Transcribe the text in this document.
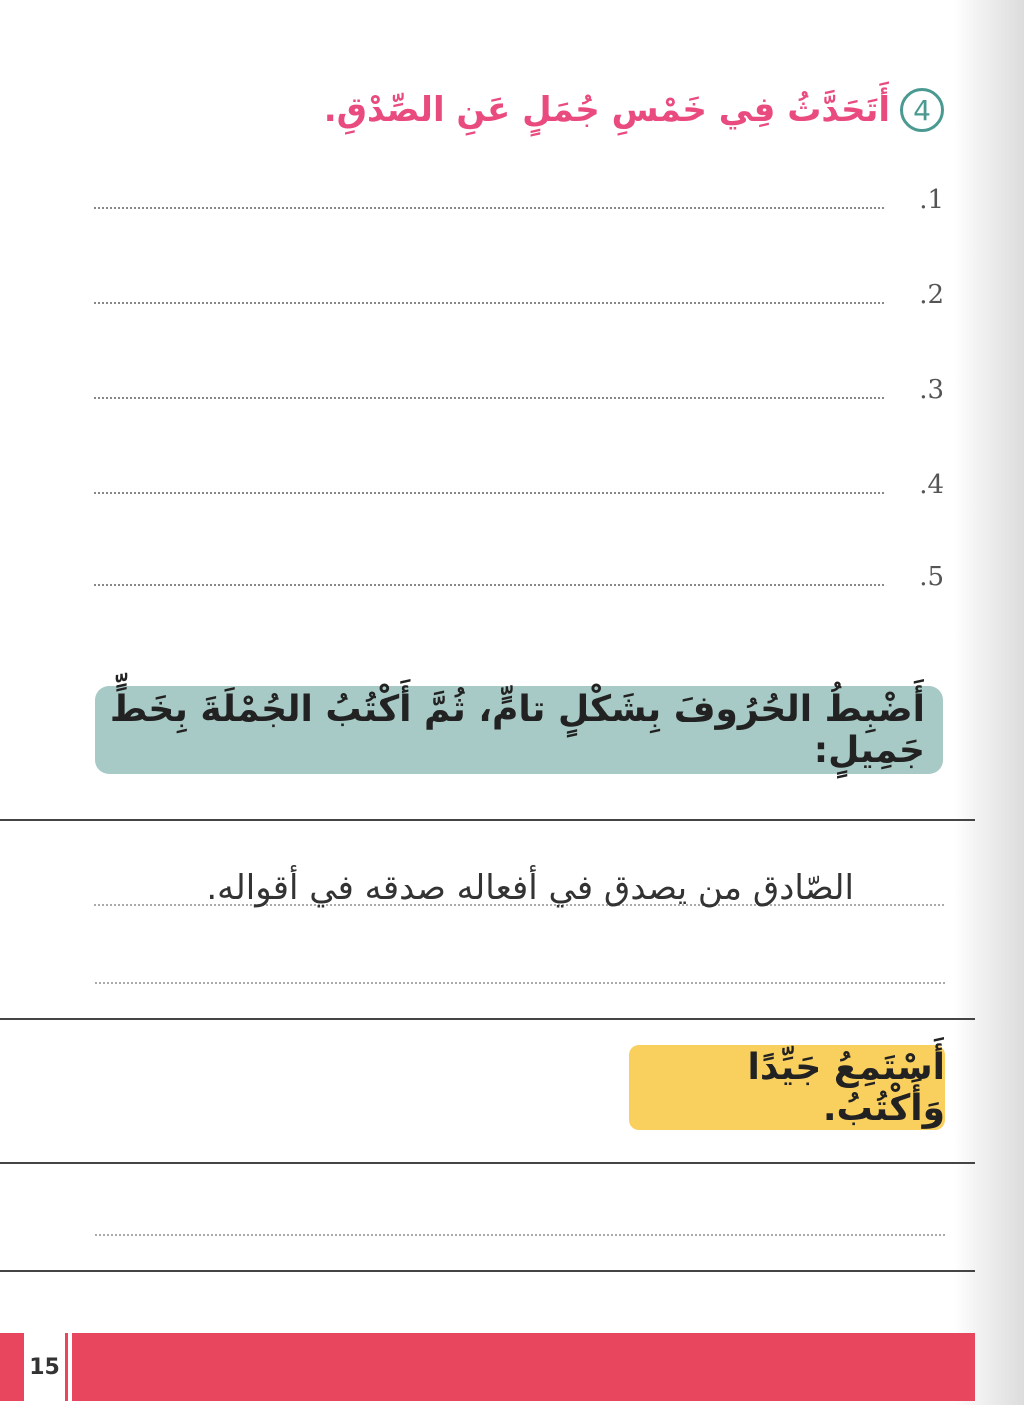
4
أَتَحَدَّثُ فِي خَمْسِ جُمَلٍ عَنِ الصِّدْقِ.
.1
.2
.3
.4
.5
أَضْبِطُ الحُرُوفَ بِشَكْلٍ تامٍّ، ثُمَّ أَكْتُبُ الجُمْلَةَ بِخَطٍّ جَمِيلٍ:
الصّادق من يصدق في أفعاله صدقه في أقواله.
أَسْتَمِعُ جَيِّدًا وَأَكْتُبُ.
15
